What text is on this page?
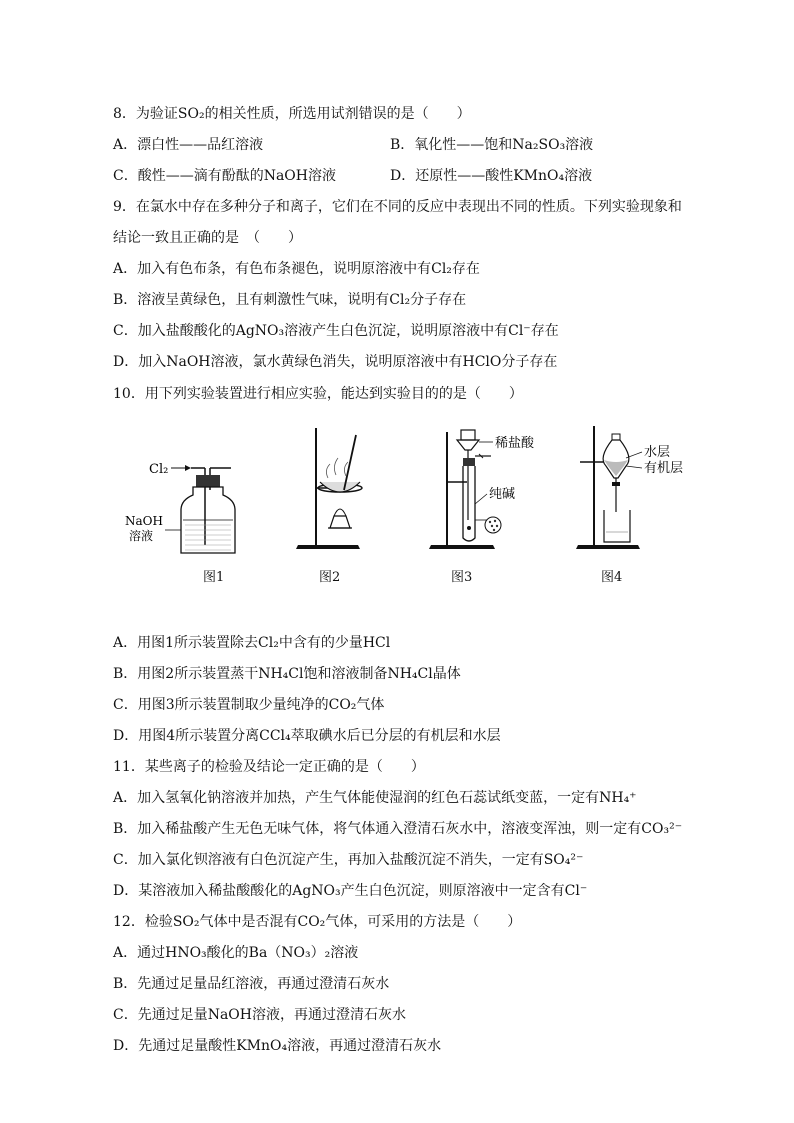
8．为验证SO₂的相关性质，所选用试剂错误的是（　　）
A．漂白性——品红溶液	B．氧化性——饱和Na₂SO₃溶液
C．酸性——滴有酚酞的NaOH溶液	D．还原性——酸性KMnO₄溶液
9．在氯水中存在多种分子和离子，它们在不同的反应中表现出不同的性质。下列实验现象和
结论一致且正确的是　（　　）
A．加入有色布条，有色布条褪色，说明原溶液中有Cl₂存在
B．溶液呈黄绿色，且有刺激性气味，说明有Cl₂分子存在
C．加入盐酸酸化的AgNO₃溶液产生白色沉淀，说明原溶液中有Cl⁻存在
D．加入NaOH溶液，氯水黄绿色消失，说明原溶液中有HClO分子存在
10．用下列实验装置进行相应实验，能达到实验目的的是（　　）
Cl₂
NaOH
溶液
图1	图2
稀盐酸
纯碱
图3
水层
有机层
图4
A．用图1所示装置除去Cl₂中含有的少量HCl
B．用图2所示装置蒸干NH₄Cl饱和溶液制备NH₄Cl晶体
C．用图3所示装置制取少量纯净的CO₂气体
D．用图4所示装置分离CCl₄萃取碘水后已分层的有机层和水层
11．某些离子的检验及结论一定正确的是（　　）
A．加入氢氧化钠溶液并加热，产生气体能使湿润的红色石蕊试纸变蓝，一定有NH₄⁺
B．加入稀盐酸产生无色无味气体，将气体通入澄清石灰水中，溶液变浑浊，则一定有CO₃²⁻
C．加入氯化钡溶液有白色沉淀产生，再加入盐酸沉淀不消失，一定有SO₄²⁻
D．某溶液加入稀盐酸酸化的AgNO₃产生白色沉淀，则原溶液中一定含有Cl⁻
12．检验SO₂气体中是否混有CO₂气体，可采用的方法是（　　）
A．通过HNO₃酸化的Ba（NO₃）₂溶液
B．先通过足量品红溶液，再通过澄清石灰水
C．先通过足量NaOH溶液，再通过澄清石灰水
D．先通过足量酸性KMnO₄溶液，再通过澄清石灰水
